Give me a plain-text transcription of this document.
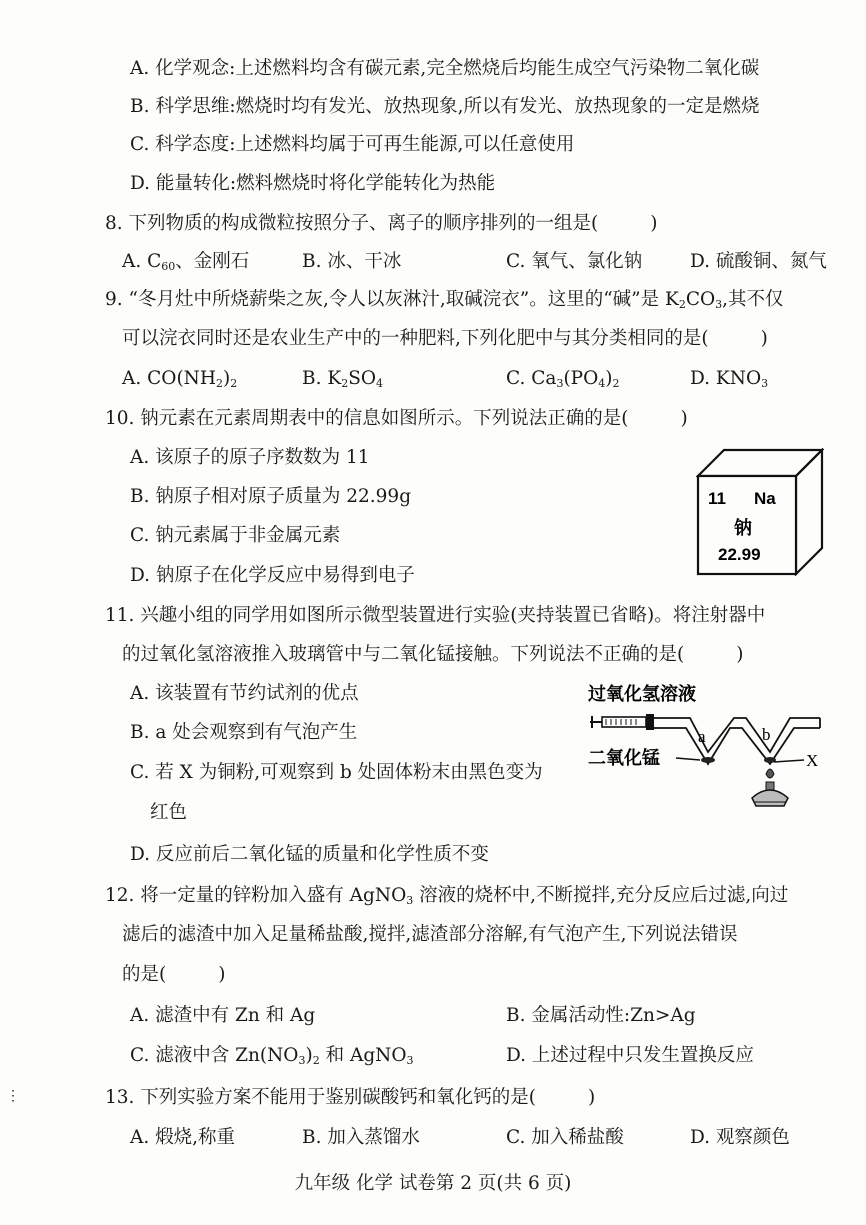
A. 化学观念:上述燃料均含有碳元素,完全燃烧后均能生成空气污染物二氧化碳
B. 科学思维:燃烧时均有发光、放热现象,所以有发光、放热现象的一定是燃烧
C. 科学态度:上述燃料均属于可再生能源,可以任意使用
D. 能量转化:燃料燃烧时将化学能转化为热能
8. 下列物质的构成微粒按照分子、离子的顺序排列的一组是(	)
A. $C_{60}$、金刚石	B. 冰、干冰	C. 氧气、氯化钠	D. 硫酸铜、氮气
9. “冬月灶中所烧薪柴之灰,令人以灰淋汁,取碱浣衣”。这里的“碱”是 $K_2CO_3$,其不仅
可以浣衣同时还是农业生产中的一种肥料,下列化肥中与其分类相同的是(	)
A. $CO(NH_2)_2$	B. $K_2SO_4$	C. $Ca_3(PO_4)_2$	D. $KNO_3$
10. 钠元素在元素周期表中的信息如图所示。下列说法正确的是(	)
A. 该原子的原子序数数为 11
B. 钠原子相对原子质量为 22.99g
C. 钠元素属于非金属元素
D. 钠原子在化学反应中易得到电子
11 Na
钠
22.99
11. 兴趣小组的同学用如图所示微型装置进行实验(夹持装置已省略)。将注射器中
的过氧化氢溶液推入玻璃管中与二氧化锰接触。下列说法不正确的是(	)
A. 该装置有节约试剂的优点
B. a 处会观察到有气泡产生
C. 若 X 为铜粉,可观察到 b 处固体粉末由黑色变为
红色
D. 反应前后二氧化锰的质量和化学性质不变
过氧化氢溶液
a	b
二氧化锰	X
12. 将一定量的锌粉加入盛有 AgNO$_3$ 溶液的烧杯中,不断搅拌,充分反应后过滤,向过
滤后的滤渣中加入足量稀盐酸,搅拌,滤渣部分溶解,有气泡产生,下列说法错误
的是(	)
A. 滤渣中有 Zn 和 Ag	B. 金属活动性:Zn>Ag
C. 滤液中含 $Zn(NO_3)_2$ 和 AgNO$_3$	D. 上述过程中只发生置换反应
⋮	13. 下列实验方案不能用于鉴别碳酸钙和氧化钙的是(	)
A. 煅烧,称重	B. 加入蒸馏水	C. 加入稀盐酸	D. 观察颜色
九年级 化学 试卷第 2 页(共 6 页)
